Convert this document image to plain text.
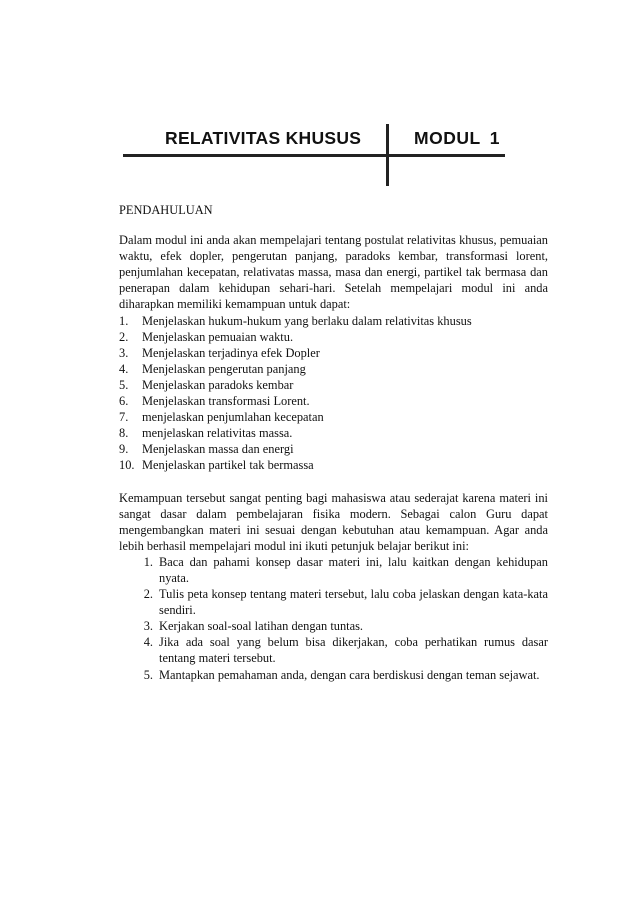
RELATIVITAS KHUSUS	MODUL 1

PENDAHULUAN

Dalam modul ini anda akan mempelajari tentang postulat relativitas khusus, pemuaian waktu, efek dopler, pengerutan panjang, paradoks kembar, transformasi lorent, penjumlahan kecepatan, relativatas massa, masa dan energi, partikel tak bermasa dan penerapan dalam kehidupan sehari-hari. Setelah mempelajari modul ini anda diharapkan memiliki kemampuan untuk dapat:

1.	Menjelaskan hukum-hukum yang berlaku dalam relativitas khusus
2.	Menjelaskan pemuaian waktu.
3.	Menjelaskan terjadinya efek Dopler
4.	Menjelaskan pengerutan panjang
5.	Menjelaskan paradoks kembar
6.	Menjelaskan transformasi Lorent.
7.	menjelaskan penjumlahan kecepatan
8.	menjelaskan relativitas massa.
9.	Menjelaskan massa dan energi
10. Menjelaskan partikel tak bermassa

Kemampuan tersebut sangat penting bagi mahasiswa atau sederajat karena materi ini sangat dasar dalam pembelajaran fisika modern. Sebagai calon Guru dapat mengembangkan materi ini sesuai dengan kebutuhan atau kemampuan. Agar anda lebih berhasil mempelajari modul ini ikuti petunjuk belajar berikut ini:

1. Baca dan pahami konsep dasar materi ini, lalu kaitkan dengan kehidupan nyata.
2. Tulis peta konsep tentang materi tersebut, lalu coba jelaskan dengan kata-kata sendiri.
3. Kerjakan soal-soal latihan dengan tuntas.
4. Jika ada soal yang belum bisa dikerjakan, coba perhatikan rumus dasar tentang materi tersebut.
5. Mantapkan pemahaman anda, dengan cara berdiskusi dengan teman sejawat.
